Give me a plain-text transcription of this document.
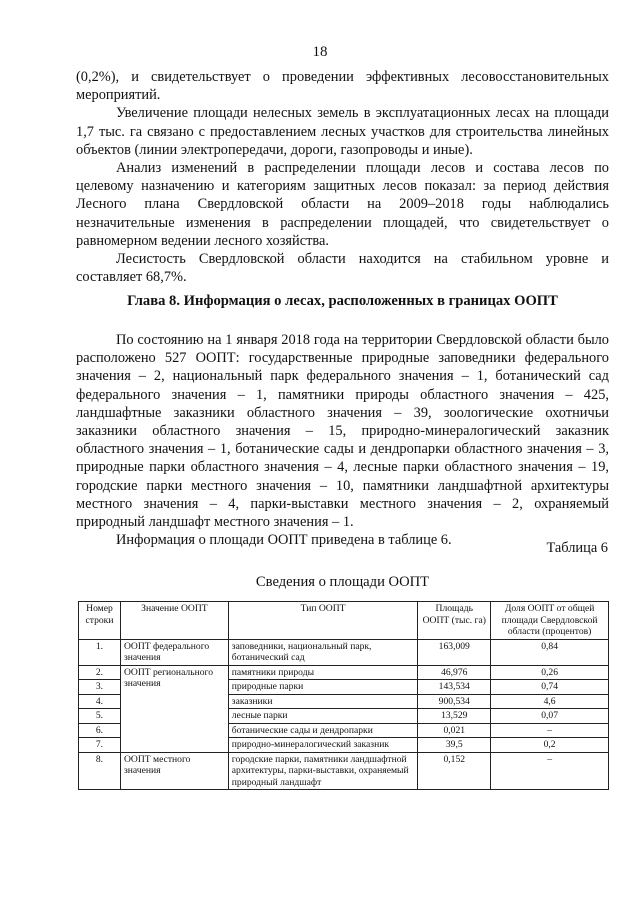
18

(0,2%), и свидетельствует о проведении эффективных лесовосстановительных мероприятий.

Увеличение площади нелесных земель в эксплуатационных лесах на площади 1,7 тыс. га связано с предоставлением лесных участков для строительства линейных объектов (линии электропередачи, дороги, газопроводы и иные).

Анализ изменений в распределении площади лесов и состава лесов по целевому назначению и категориям защитных лесов показал: за период действия Лесного плана Свердловской области на 2009–2018 годы наблюдались незначительные изменения в распределении площадей, что свидетельствует о равномерном ведении лесного хозяйства.

Лесистость Свердловской области находится на стабильном уровне и составляет 68,7%.

Глава 8. Информация о лесах, расположенных в границах ООПТ

По состоянию на 1 января 2018 года на территории Свердловской области было расположено 527 ООПТ: государственные природные заповедники федерального значения – 2, национальный парк федерального значения – 1, ботанический сад федерального значения – 1, памятники природы областного значения – 425, ландшафтные заказники областного значения – 39, зоологические охотничьи заказники областного значения – 15, природно-минералогический заказник областного значения – 1, ботанические сады и дендропарки областного значения – 3, природные парки областного значения – 4, лесные парки областного значения – 19, городские парки местного значения – 10, памятники ландшафтной архитектуры местного значения – 4, парки-выставки местного значения – 2, охраняемый природный ландшафт местного значения – 1.

Информация о площади ООПТ приведена в таблице 6.	Таблица 6
Сведения о площади ООПТ
Номер строки	Значение ООПТ	Тип ООПТ	Площадь ООПТ (тыс. га)	Доля ООПТ от общей площади Свердловской области (процентов)
1.	ООПТ федерального значения	заповедники, национальный парк, ботанический сад	163,009	0,84
2.	ООПТ регионального значения	памятники природы	46,976	0,26
3.		природные парки	143,534	0,74
4.		заказники	900,534	4,6
5.		лесные парки	13,529	0,07
6.		ботанические сады и дендропарки	0,021	–
7.		природно-минералогический заказник	39,5	0,2
8.	ООПТ местного значения	городские парки, памятники ландшафтной архитектуры, парки-выставки, охраняемый природный ландшафт	0,152	–
